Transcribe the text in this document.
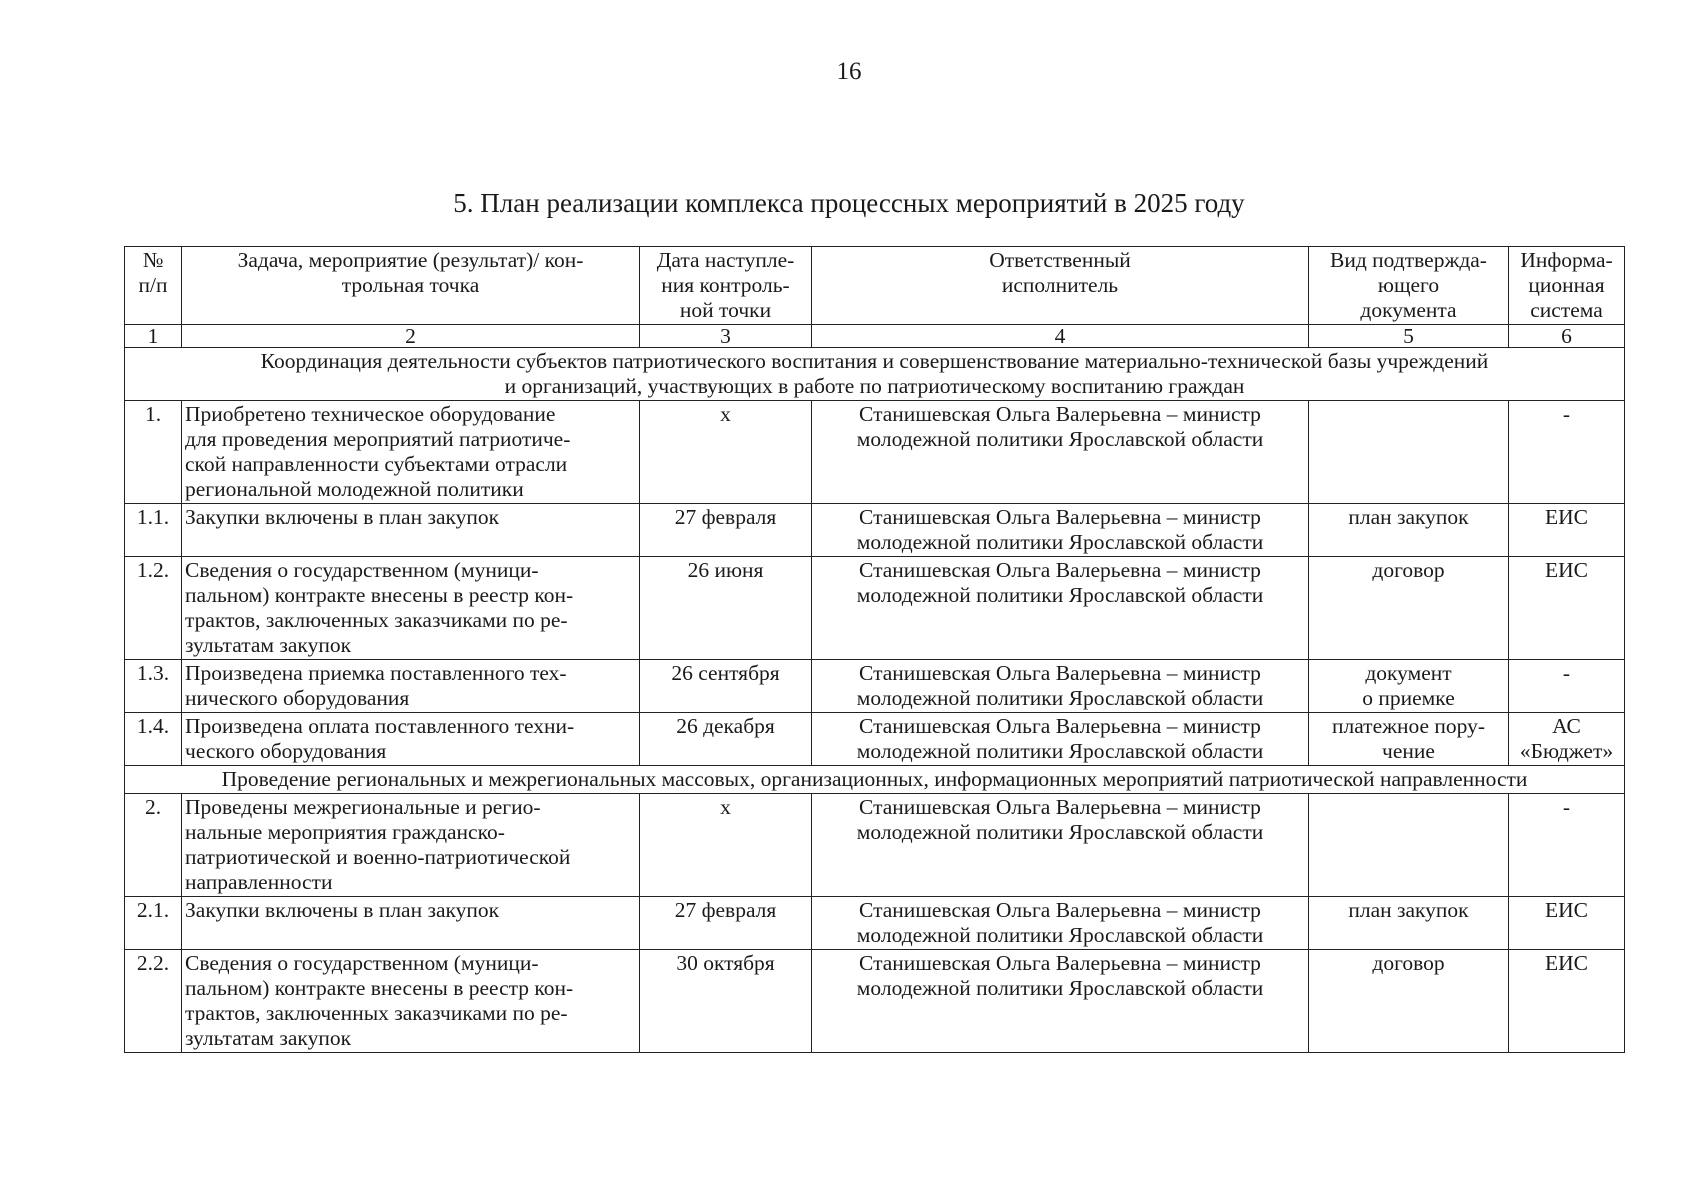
16
5. План реализации комплекса процессных мероприятий в 2025 году
№
п/п	Задача, мероприятие (результат)/ кон-
трольная точка	Дата наступле-
ния контроль-
ной точки	Ответственный
исполнитель	Вид подтвержда-
ющего
документа	Информа-
ционная
система

1	2	3	4	5	6

Координация деятельности субъектов патриотического воспитания и совершенствование материально-технической базы учреждений
и организаций, участвующих в работе по патриотическому воспитанию граждан					

1.	Приобретено техническое оборудование
для проведения мероприятий патриотиче-
ской направленности субъектами отрасли
региональной молодежной политики	х	Станишевская Ольга Валерьевна – министр
молодежной политики Ярославской области		-

1.1.	Закупки включены в план закупок	27 февраля	Станишевская Ольга Валерьевна – министр
молодежной политики Ярославской области	план закупок	ЕИС

1.2.	Сведения о государственном (муници-
пальном) контракте внесены в реестр кон-
трактов, заключенных заказчиками по ре-
зультатам закупок	26 июня	Станишевская Ольга Валерьевна – министр
молодежной политики Ярославской области	договор	ЕИС

1.3.	Произведена приемка поставленного тех-
нического оборудования	26 сентября	Станишевская Ольга Валерьевна – министр
молодежной политики Ярославской области	документ
о приемке	-

1.4.	Произведена оплата поставленного техни-
ческого оборудования	26 декабря	Станишевская Ольга Валерьевна – министр
молодежной политики Ярославской области	платежное пору-
чение	АС
«Бюджет»

Проведение региональных и межрегиональных массовых, организационных, информационных мероприятий патриотической направленности					

2.	Проведены межрегиональные и регио-
нальные мероприятия гражданско-
патриотической и военно-патриотической
направленности	х	Станишевская Ольга Валерьевна – министр
молодежной политики Ярославской области		-

2.1.	Закупки включены в план закупок	27 февраля	Станишевская Ольга Валерьевна – министр
молодежной политики Ярославской области	план закупок	ЕИС

2.2.	Сведения о государственном (муници-
пальном) контракте внесены в реестр кон-
трактов, заключенных заказчиками по ре-
зультатам закупок	30 октября	Станишевская Ольга Валерьевна – министр
молодежной политики Ярославской области	договор	ЕИС
